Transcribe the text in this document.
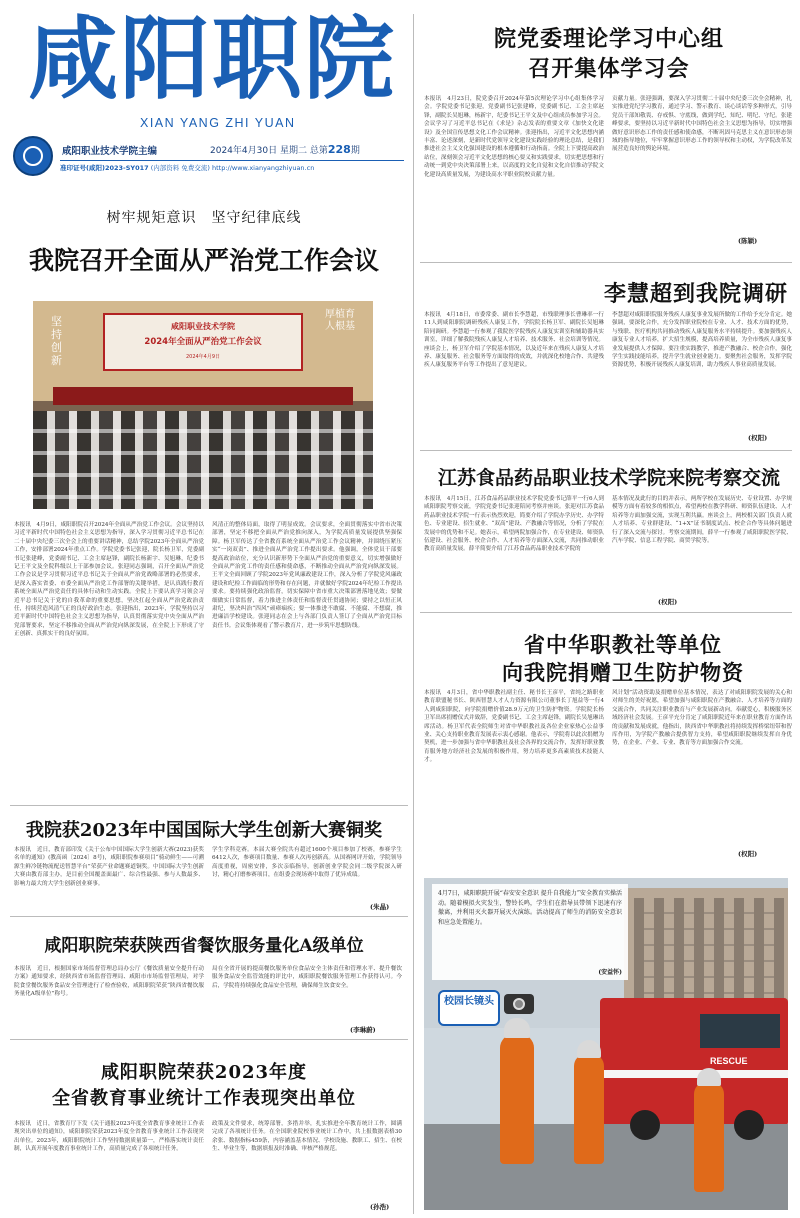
咸阳职院
XIAN YANG ZHI YUAN
咸阳职业技术学院主编	2024年4月30日 星期二 总第228期
准印证号(咸阳)2023-SY017 (内部资料 免费交流) http://www.xianyangzhiyuan.cn
树牢规矩意识　坚守纪律底线
我院召开全面从严治党工作会议
咸阳职业技术学院
2024年全面从严治党工作会议
2024年4月9日
坚持创新
厚植育人根基
本报讯　4月9日，咸阳职院召开2024年全面从严治党工作会议。会议坚持以习近平新时代中国特色社会主义思想为指导，深入学习贯彻习近平总书记在二十届中央纪委三次全会上的重要讲话精神，总结学院2023年全面从严治党工作，安排部署2024年重点工作。学院党委书记张迎，院长杨卫军，党委副书记张建峰，党委副书记、工会主席赵锋，副院长杨新宇、吴旭琳，纪委书记王平文及全院科级以上干部参加会议。张迎同志强调，召开全面从严治党工作会议是学习贯彻习近平总书记关于全面从严治党战略部署的必然要求，是深入落实省委、市委全面从严治党工作部署的关键举措，是认真践行教育系统全面从严治党责任的具体行动和生动实践。全院上下要认真学习领会习近平总书记关于党的自我革命的重要思想，坚决扛起全面从严治党政治责任，持续营造风清气正的良好政治生态。张迎指出，2023年，学院坚持以习近平新时代中国特色社会主义思想为指导，认真贯彻落实党中央全面从严治党部署要求，坚定不移推动全面从严治党向纵深发展，在全院上下形成了守正创新、真抓实干的良好氛围。
风清正的整体局面，取得了明显成效。会议要求，全面贯彻落实中省市决策部署，坚定不移把全面从严治党推向深入，为学院高质量发展提供坚强保障。杨卫军传达了全省教育系统全面从严治党工作会议精神，并围绕压紧压实“一岗双责”、推进全面从严治党工作提出要求。他强调，全体党员干部要提高政治站位，充分认识新形势下全面从严治党的重要意义，切实增强做好全面从严治党工作的责任感和使命感，不断推动全面从严治党向纵深发展。王平文全面回顾了学院2023年党风廉政建设工作，深入分析了学院党风廉政建设和纪检工作面临的形势和存在问题，并就做好学院2024年纪检工作提出要求。要持续强化政治监督，切实保障中省市重大决策部署落地见效；要做细做实日常监督，着力推进主体责任和监督责任贯通协同；要持之以恒正风肃纪，坚决纠治“四风”顽瘴痼疾；要一体推进不敢腐、不能腐、不想腐，推进廉洁学校建设。张迎同志在会上与各部门负责人签订了全面从严治党目标责任书。会议集体观看了警示教育片，进一步筑牢思想防线。
院党委理论学习中心组
召开集体学习会
本报讯　4月23日，院党委召开2024年第5次理论学习中心组集体学习会。学院党委书记张迎，党委副书记张建峰，党委副书记、工会主席赵锋，副院长吴旭琳，杨新宇，纪委书记王平文及中心组成员参加学习会。会议学习了习近平总书记在《求是》杂志发表的重要文章《加快文化建设》及全国宣传思想文化工作会议精神。张迎指出，习近平文化思想内涵丰富、论述深刻，是新时代党领导文化建设实践经验的理论总结，是我们推进社会主义文化强国建设的根本遵循和行动指南。全院上下要提高政治站位，深刻领会习近平文化思想的核心要义和实践要求，切实把思想和行动统一到党中央决策部署上来，以高度的文化自觉和文化自信推动学院文化建设高质量发展，为建设高水平职业院校贡献力量。
贡献力量。张迎强调，要深入学习贯彻二十届中央纪委三次全会精神，扎实推进党纪学习教育，通过学习、警示教育、谈心谈话等多种形式，引导党员干部知敬畏、存戒惧、守底线，做到学纪、知纪、明纪、守纪。张建峰要求，要坚持以习近平新时代中国特色社会主义思想为指导，切实增强做好意识形态工作的责任感和使命感，不断巩固马克思主义在意识形态领域的指导地位，牢牢掌握意识形态工作的领导权和主动权，为学院改革发展营造良好的舆论环境。
(陈颖)
李慧超到我院调研
本报讯　4月18日，市委常委、副市长李慧超，市残联理事长曹琳率一行11人到咸阳职院调研残疾人康复工作，学院院长杨卫军、副院长吴旭琳陪同调研。李慧超一行参观了我院医学院残疾人康复实训室和辅助器具实训室，详细了解我院残疾人康复人才培养、技术服务、社会培训等情况。座谈会上，杨卫军介绍了学院基本情况，以及近年来在残疾人康复人才培养、康复服务、社会服务等方面取得的成效，并就深化校地合作、共建残疾人康复服务平台等工作提出了意见建议。
李慧超对咸阳职院服务残疾人康复事业发展所做的工作给予充分肯定。她强调，要深化合作，充分发挥职业院校在专业、人才、技术方面的优势，与残联、医疗机构共同推动残疾人康复服务水平持续提升。要加强残疾人康复专业人才培养，扩大招生规模，提高培养质量，为全市残疾人康复事业发展提供人才保障。要注重实践教学，推进产教融合、校企合作，强化学生实践技能培养，提升学生就业创业能力。要聚焦社会服务，发挥学院资源优势，积极开展残疾人康复培训，助力残疾人事业高质量发展。
(权阳)
江苏食品药品职业技术学院来院考察交流
本报讯　4月15日，江苏食品药品职业技术学院党委书记薛平一行6人到咸阳职院考察交流，学院党委书记张迎陪同考察并座谈。张迎对江苏食品药品职业技术学院一行表示热烈欢迎，简要介绍了学院办学历史、办学特色、专业建设、招生就业、“双高”建设、产教融合等情况，分析了学院在发展中的优势和不足。她表示，希望两院加强合作，在专业建设、师资队伍建设、社会服务、校企合作、人才培养等方面深入交流，共同推动职业教育高质量发展。薛平简要介绍了江苏食品药品职业技术学院的
基本情况及此行的目的并表示，两所学校在发展历史、专业设置、办学规模等方面有着较多的相似点，希望两校在教学科研、师资队伍建设、人才培养等方面加强交流，实现互利共赢。座谈会上，两校相关部门负责人就人才培养、专业群建设、“1+X”证书制度试点、校企合作等具体问题进行了深入交流与探讨。考察交流期间，薛平一行参观了咸阳职院医学院、汽车学院、信息工程学院、商贸学院等。
(权阳)
省中华职教社等单位
向我院捐赠卫生防护物资
本报讯　4月3日，省中华职教社副主任、秘书长王彦平，省纯之路职业教育联盟秘书长、陕西智慧人才人力资源有限公司董事长丁旭益等一行4人到咸阳职院，向学院捐赠价值28.9万元的卫生防护物资。学院院长杨卫军出席捐赠仪式并致辞，党委副书记、工会主席赵锋，副院长吴旭琳出席活动。杨卫军代表全院师生对省中华职教社及各位企业家热心公益事业、关心支持职业教育发展表示衷心感谢。他表示，学院将以此次捐赠为契机，进一步加强与省中华职教社及社会各界的交流合作，发挥好职业教育服务地方经济社会发展的积极作用，努力培养更多高素质技术技能人才。
风计划”活动资助及捐赠单位基本情况，表达了对咸阳职院发展的关心和对师生的美好祝愿，希望加强与咸阳职院在产教融合、人才培养等方面的交流合作，共同关注职业教育与产业发展新动向，奉献爱心，积极服务区域经济社会发展。王彦平充分肯定了咸阳职院近年来在职业教育方面作出的贡献和发展成就，他指出，陕西省中华职教社将持续发挥桥梁纽带和智库作用，为学院产教融合提供智力支持，希望咸阳职院继续发挥自身优势，在企业、产业、专业、教育等方面加强合作交流。
(权阳)
我院获2023年中国国际大学生创新大赛铜奖
本报讯　近日，教育部印发《关于公布中国国际大学生创新大赛(2023)获奖名单的通知》(教高函〔2024〕8号)，咸阳职院参赛项目“骑动鲜生——可溯源生鲜冷链物流配送智慧平台”荣获产业命题赛道铜奖。中国国际大学生创新大赛由教育部主办，是目前全国覆盖面最广、综合性最强、参与人数最多、影响力最大的大学生创新创业赛事。
学生学科竞赛。本届大赛全院共有超过1600个项目参加了校赛，参赛学生6412人次，参赛项目数量、参赛人次再创新高。从国赛网评开始，学院领导高度重视，周密安排，多次亲临指导，创新创业学院会同二级学院深入研讨，精心打磨参赛项目，在组委会现场赛中取得了优异成绩。
(朱晶)
咸阳职院荣获陕西省餐饮服务量化A级单位
本报讯　近日，根据国家市场监督管理总局办公厅《餐饮质量安全提升行动方案》通知要求，经陕西省市场监督管理局、咸阳市市场监督管理局，对学院食堂餐饮服务食品安全管理进行了检查验收，咸阳职院荣获“陕西省餐饮服务量化A级单位”称号。
局在全省开展的提高餐饮服务单位食品安全主体责任和管理水平、提升餐饮服务食品安全监管效能的评比中，咸阳职院餐饮服务管理工作获得认可。今后，学院将持续强化食品安全管理，确保师生饮食安全。
(李琳蔚)
咸阳职院荣获2023年度
全省教育事业统计工作表现突出单位
本报讯　近日，省教育厅下发《关于通报2023年度全省教育事业统计工作表现突出单位的通知》，咸阳职院荣获2023年度全省教育事业统计工作表现突出单位。2023年，咸阳职院统计工作坚持数据质量第一，严格落实统计责任制，认真开展年度教育事业统计工作，高质量完成了各项统计任务。
政策及文件要求，统筹部署，多措并举，扎实推进全年教育统计工作，圆满完成了各项统计任务。在全国职业院校事业统计工作中，共上报数据表格30余张、数据指标459条，内容涵盖基本情况、学校设施、教职工、招生、在校生、毕业生等，数据填报及时准确、审核严格规范。
(孙浩)
4月7日，咸阳职院开展“春安安全意识 提升自我能力”安全教育实操活动。随着模拟火灾发生，警铃长鸣，学生们在指导员带领下迅速有序撤离，并利用灭火器开展灭火演练。活动提高了师生的消防安全意识和应急处置能力。
(安益怀)
校园长镜头
RESCUE
